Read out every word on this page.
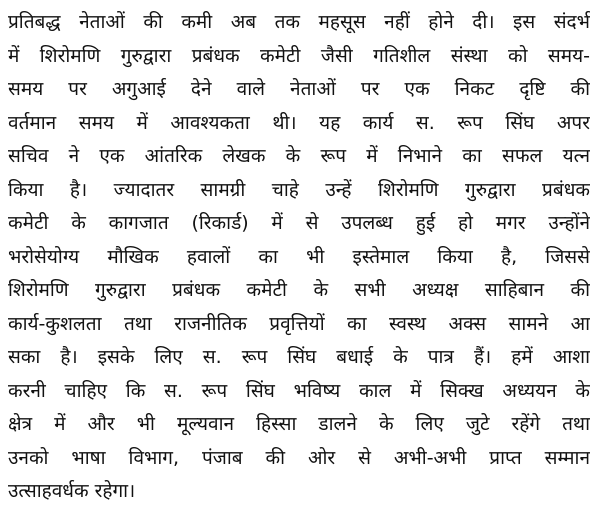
प्रतिबद्ध नेताओं की कमी अब तक महसूस नहीं होने दी। इस संदर्भ
में शिरोमणि गुरुद्वारा प्रबंधक कमेटी जैसी गतिशील संस्था को समय-
समय पर अगुआई देने वाले नेताओं पर एक निकट दृष्टि की
वर्तमान समय में आवश्यकता थी। यह कार्य स. रूप सिंघ अपर
सचिव ने एक आंतरिक लेखक के रूप में निभाने का सफल यत्न
किया है। ज्यादातर सामग्री चाहे उन्हें शिरोमणि गुरुद्वारा प्रबंधक
कमेटी के कागजात (रिकार्ड) में से उपलब्ध हुई हो मगर उन्होंने
भरोसेयोग्य मौखिक हवालों का भी इस्तेमाल किया है, जिससे
शिरोमणि गुरुद्वारा प्रबंधक कमेटी के सभी अध्यक्ष साहिबान की
कार्य-कुशलता तथा राजनीतिक प्रवृत्तियों का स्वस्थ अक्स सामने आ
सका है। इसके लिए स. रूप सिंघ बधाई के पात्र हैं। हमें आशा
करनी चाहिए कि स. रूप सिंघ भविष्य काल में सिक्ख अध्ययन के
क्षेत्र में और भी मूल्यवान हिस्सा डालने के लिए जुटे रहेंगे तथा
उनको भाषा विभाग, पंजाब की ओर से अभी-अभी प्राप्त सम्मान
उत्साहवर्धक रहेगा।
